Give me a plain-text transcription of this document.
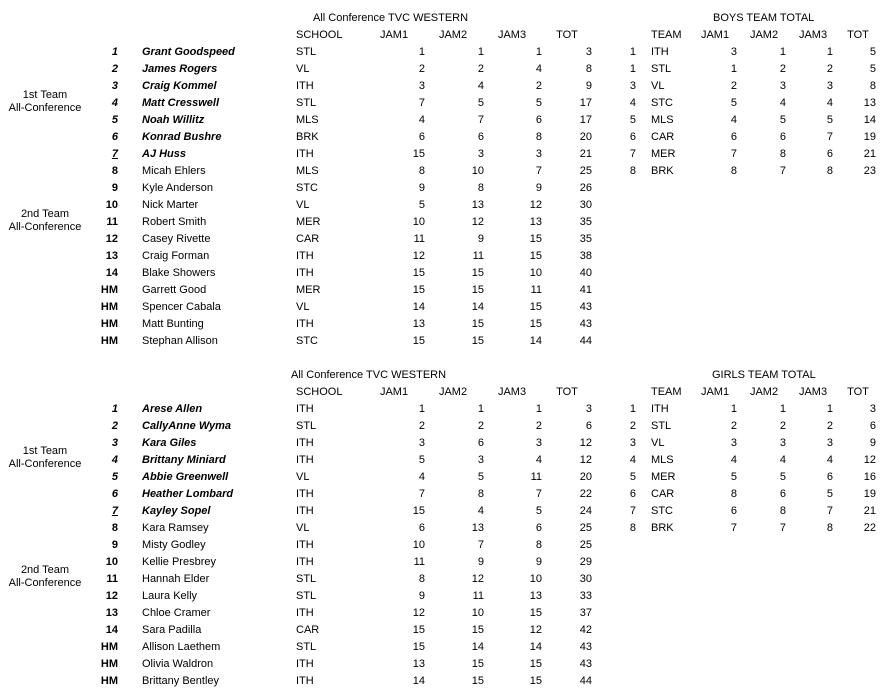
All Conference TVC WESTERN
SCHOOL	JAM1	JAM2	JAM3	TOT
1st Team
All-Conference
2nd Team
All-Conference
1 Grant Goodspeed	STL	1	1	1	3
2 James Rogers	VL	2	2	4	8
3 Craig Kommel	ITH	3	4	2	9
4 Matt Cresswell	STL	7	5	5	17
5 Noah Willitz	MLS	4	7	6	17
6 Konrad Bushre	BRK	6	6	8	20
7 AJ Huss	ITH	15	3	3	21
8 Micah Ehlers	MLS	8	10	7	25
9 Kyle Anderson	STC	9	8	9	26
10 Nick Marter	VL	5	13	12	30
11 Robert Smith	MER	10	12	13	35
12 Casey Rivette	CAR	11	9	15	35
13 Craig Forman	ITH	12	11	15	38
14 Blake Showers	ITH	15	15	10	40
HM Garrett Good	MER	15	15	11	41
HM Spencer Cabala	VL	14	14	15	43
HM Matt Bunting	ITH	13	15	15	43
HM Stephan Allison	STC	15	15	14	44
BOYS TEAM TOTAL
TEAM	JAM1	JAM2	JAM3	TOT
1 ITH	3	1	1	5
1 STL	1	2	2	5
3 VL	2	3	3	8
4 STC	5	4	4	13
5 MLS	4	5	5	14
6 CAR	6	6	7	19
7 MER	7	8	6	21
8 BRK	8	7	8	23
All Conference TVC WESTERN
SCHOOL	JAM1	JAM2	JAM3	TOT
1st Team
All-Conference
2nd Team
All-Conference
1 Arese Allen	ITH	1	1	1	3
2 CallyAnne Wyma	STL	2	2	2	6
3 Kara Giles	ITH	3	6	3	12
4 Brittany Miniard	ITH	5	3	4	12
5 Abbie Greenwell	VL	4	5	11	20
6 Heather Lombard	ITH	7	8	7	22
7 Kayley Sopel	ITH	15	4	5	24
8 Kara Ramsey	VL	6	13	6	25
9 Misty Godley	ITH	10	7	8	25
10 Kellie Presbrey	ITH	11	9	9	29
11 Hannah Elder	STL	8	12	10	30
12 Laura Kelly	STL	9	11	13	33
13 Chloe Cramer	ITH	12	10	15	37
14 Sara Padilla	CAR	15	15	12	42
HM Allison Laethem	STL	15	14	14	43
HM Olivia Waldron	ITH	13	15	15	43
HM Brittany Bentley	ITH	14	15	15	44
GIRLS TEAM TOTAL
TEAM	JAM1	JAM2	JAM3	TOT
1 ITH	1	1	1	3
2 STL	2	2	2	6
3 VL	3	3	3	9
4 MLS	4	4	4	12
5 MER	5	5	6	16
6 CAR	8	6	5	19
7 STC	6	8	7	21
8 BRK	7	7	8	22
